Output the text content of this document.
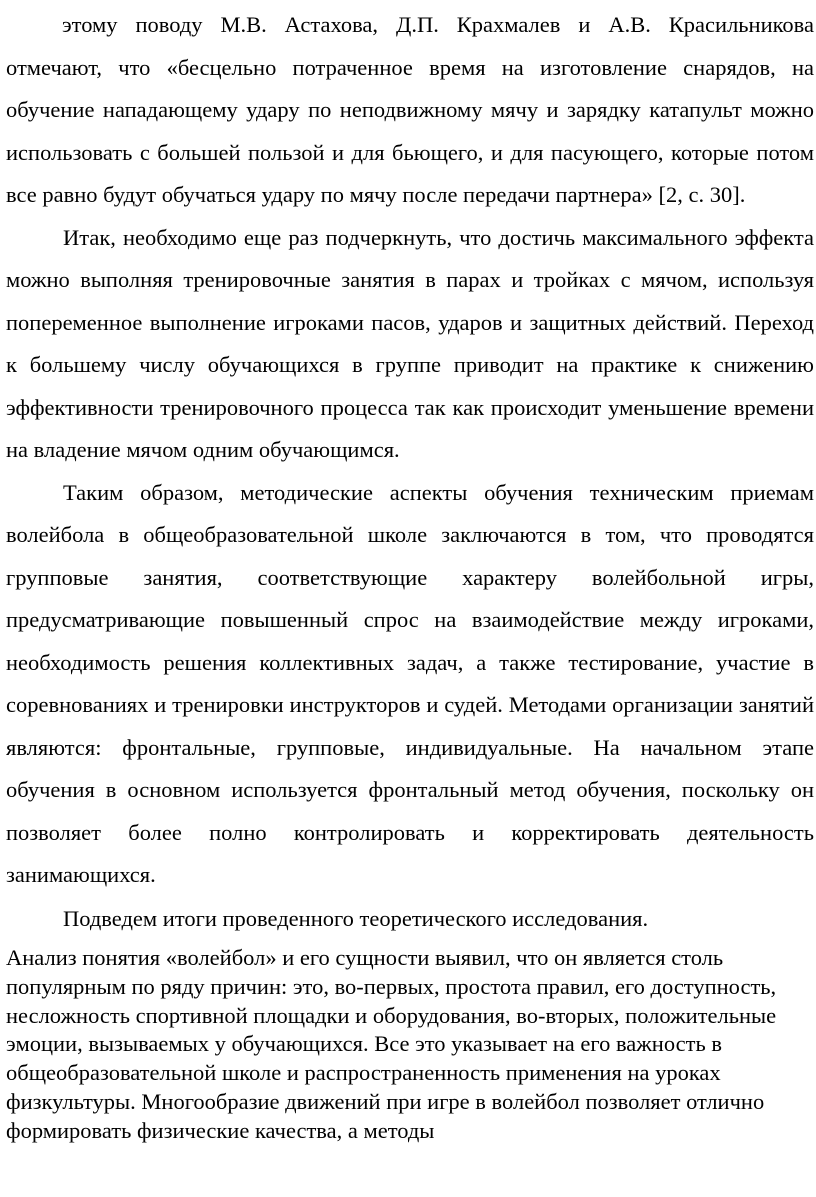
этому поводу М.В. Астахова, Д.П. Крахмалев и А.В. Красильникова отмечают, что «бесцельно потраченное время на изготовление снарядов, на обучение нападающему удару по неподвижному мячу и зарядку катапульт можно использовать с большей пользой и для бьющего, и для пасующего, которые потом все равно будут обучаться удару по мячу после передачи партнера» [2, с. 30].

Итак, необходимо еще раз подчеркнуть, что достичь максимального эффекта можно выполняя тренировочные занятия в парах и тройках с мячом, используя попеременное выполнение игроками пасов, ударов и защитных действий. Переход к большему числу обучающихся в группе приводит на практике к снижению эффективности тренировочного процесса так как происходит уменьшение времени на владение мячом одним обучающимся.

Таким образом, методические аспекты обучения техническим приемам волейбола в общеобразовательной школе заключаются в том, что проводятся групповые занятия, соответствующие характеру волейбольной игры, предусматривающие повышенный спрос на взаимодействие между игроками, необходимость решения коллективных задач, а также тестирование, участие в соревнованиях и тренировки инструкторов и судей. Методами организации занятий являются: фронтальные, групповые, индивидуальные. На начальном этапе обучения в основном используется фронтальный метод обучения, поскольку он позволяет более полно контролировать и корректировать деятельность занимающихся.

Подведем итоги проведенного теоретического исследования.

Анализ понятия «волейбол» и его сущности выявил, что он является столь популярным по ряду причин: это, во-первых, простота правил, его доступность, несложность спортивной площадки и оборудования, во-вторых, положительные эмоции, вызываемых у обучающихся. Все это указывает на его важность в общеобразовательной школе и распространенность применения на уроках физкультуры. Многообразие движений при игре в волейбол позволяет отлично формировать физические качества, а методы
